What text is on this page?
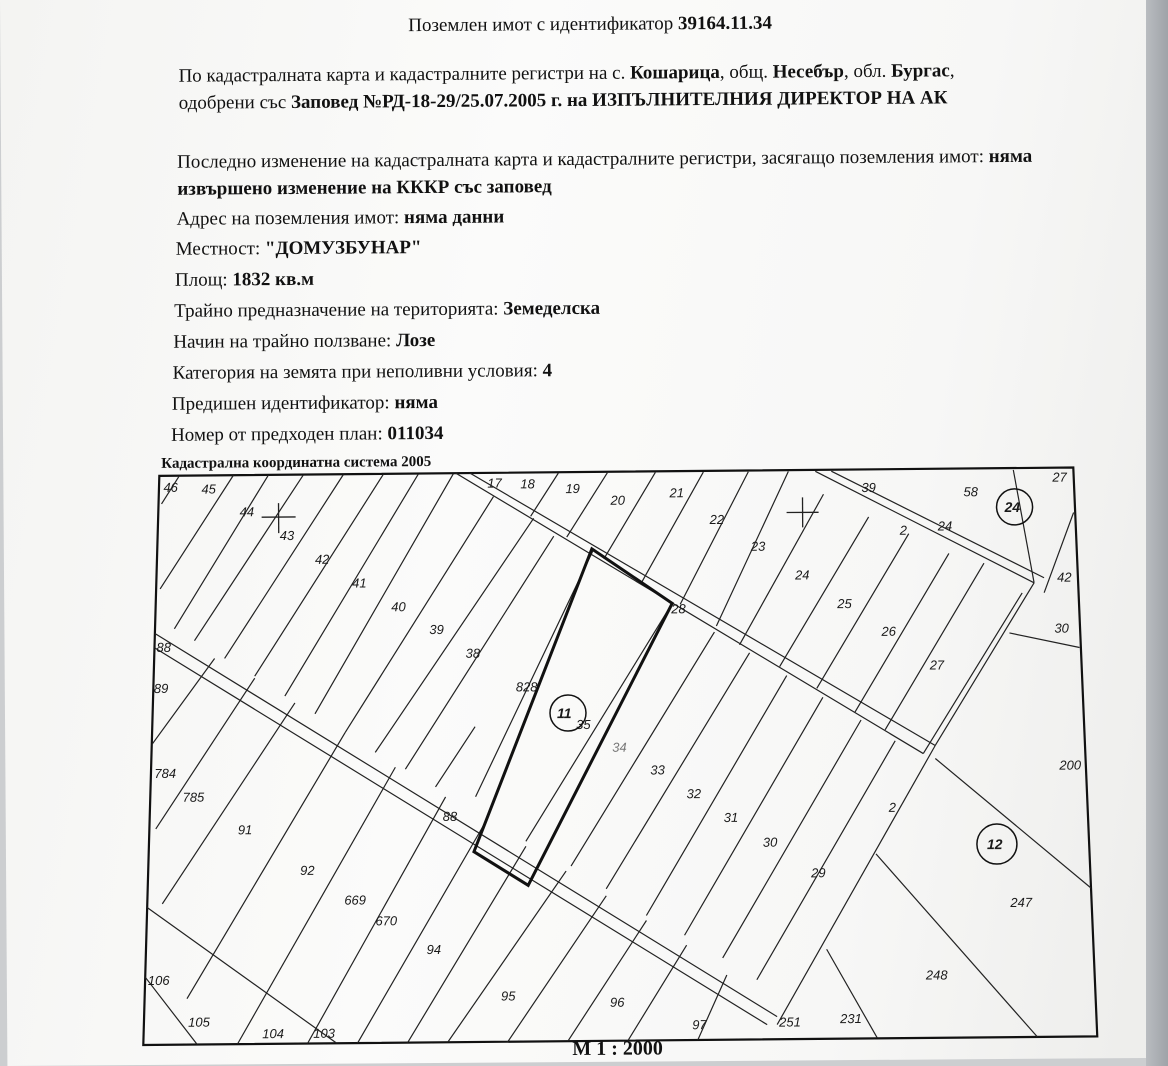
Поземлен имот с идентификатор 39164.11.34
По кадастралната карта и кадастралните регистри на с. Кошарица, общ. Несебър, обл. Бургас, одобрени със Заповед №РД-18-29/25.07.2005 г. на ИЗПЪЛНИТЕЛНИЯ ДИРЕКТОР НА АК
Последно изменение на кадастралната карта и кадастралните регистри, засягащо поземления имот: няма извършено изменение на КККР със заповед
Адрес на поземления имот: няма данни
Местност: "ДОМУЗБУНАР"
Площ: 1832 кв.м
Трайно предназначение на територията: Земеделска
Начин на трайно ползване: Лозе
Категория на земята при неполивни условия: 4
Предишен идентификатор: няма
Номер от предходен план: 011034
Кадастрална координатна система 2005
24
11
12
46 45
44
43
42
41
40
39
38
17 18 19
20	21
22
23
24
25
26
27
28
828
35
34
33
32
31
30
29
58
39
2 24
27
42
30
200
247
248
231
251
97
96
95
94
670
669
92
91
785
784
89
88
88
106
105
104 103
2
М 1 : 2000
